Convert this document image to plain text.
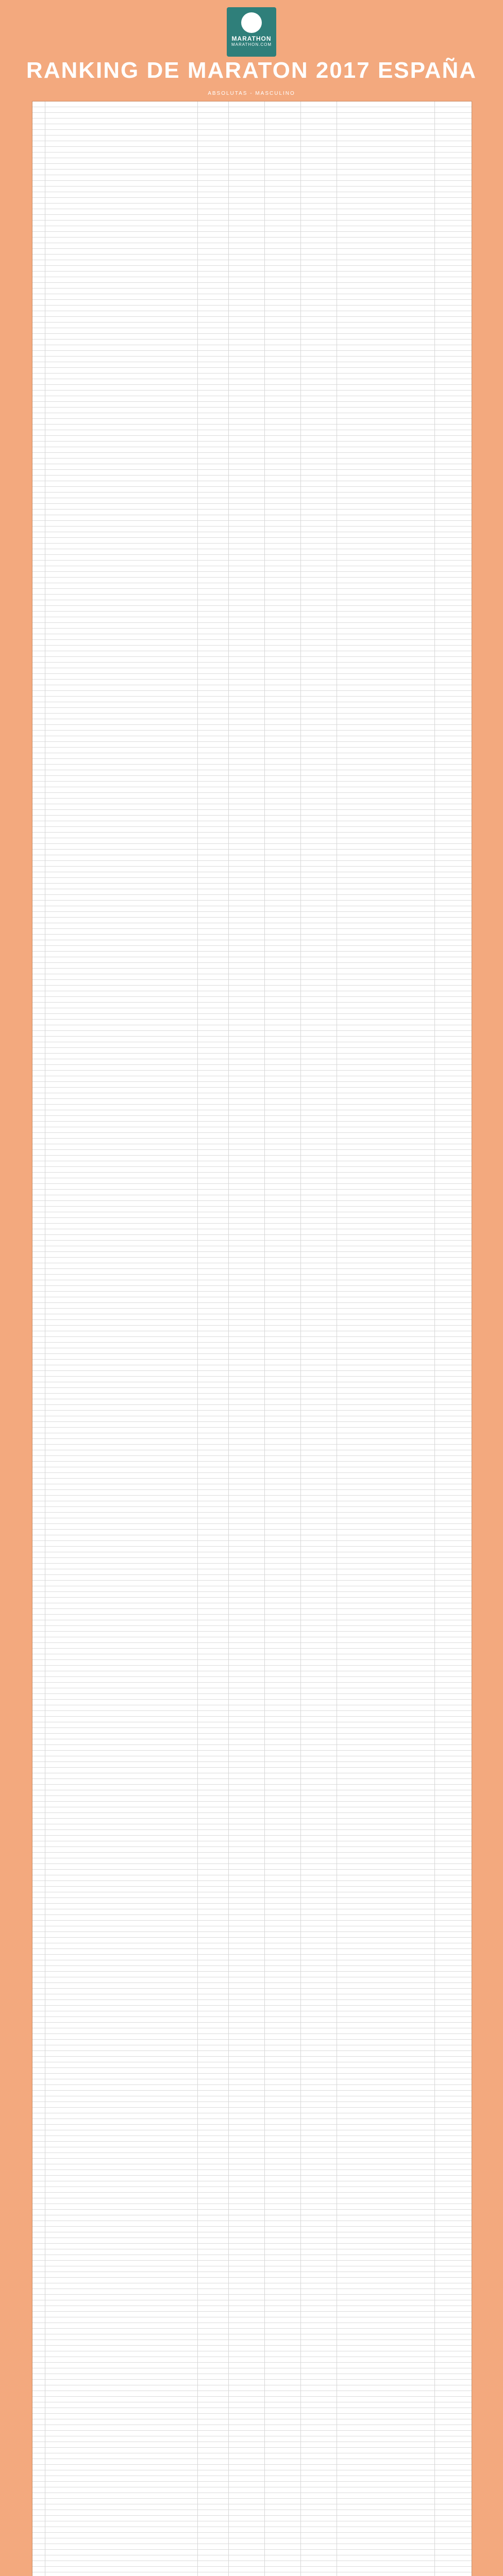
MARATHON
MARATHON.COM
RANKING DE MARATON 2017 ESPAÑA
ABSOLUTAS - MASCULINO
